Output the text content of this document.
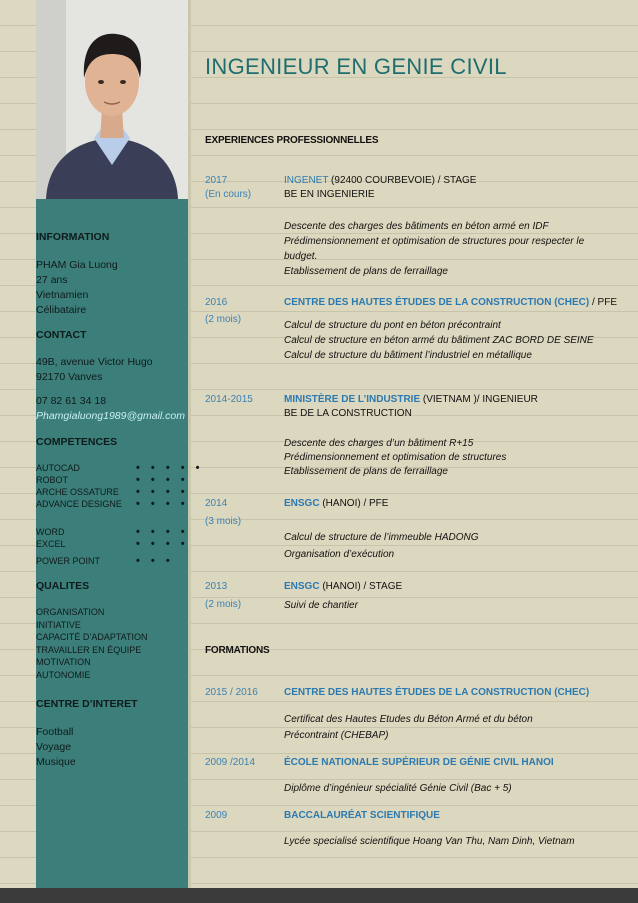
INFORMATION
PHAM Gia Luong
27 ans
Vietnamien
Célibataire
CONTACT
49B, avenue Victor Hugo
92170 Vanves
07 82 61 34 18
Phamgialuong1989@gmail.com
COMPETENCES
AUTOCAD	• • • • •
ROBOT	• • • •
ARCHE OSSATURE	• • • •
ADVANCE DESIGNE	• • • •
WORD	• • • •
EXCEL	• • • •
POWER POINT	• • •
QUALITES
ORGANISATION
INITIATIVE
CAPACITÉ D’ADAPTATION
TRAVAILLER EN ÉQUIPE
MOTIVATION
AUTONOMIE
CENTRE D’INTERET
Football
Voyage
Musique
INGENIEUR EN GENIE CIVIL
EXPERIENCES PROFESSIONNELLES
2017
(En cours)
INGENET (92400 COURBEVOIE) / STAGE
BE EN INGENIERIE
Descente des charges des bâtiments en béton armé en IDF
Prédimensionnement et optimisation de structures pour respecter le
budget.
Etablissement de plans de ferraillage
2016
(2 mois)
CENTRE DES HAUTES ÉTUDES DE LA CONSTRUCTION (CHEC) / PFE
Calcul de structure du pont en béton précontraint
Calcul de structure en béton armé du bâtiment ZAC BORD DE SEINE
Calcul de structure du bâtiment l’industriel en métallique
2014-2015	MINISTÈRE DE L’INDUSTRIE (VIETNAM )/ INGENIEUR
BE DE LA CONSTRUCTION
Descente des charges d’un bâtiment R+15
Prédimensionnement et optimisation de structures
Etablissement de plans de ferraillage
2014
(3 mois)
ENSGC (HANOI) / PFE
Calcul de structure de l’immeuble HADONG
Organisation d’exécution
2013
(2 mois)
ENSGC (HANOI) / STAGE
Suivi de chantier
FORMATIONS
2015 / 2016	CENTRE DES HAUTES ÉTUDES DE LA CONSTRUCTION (CHEC)
Certificat des Hautes Etudes du Béton Armé et du béton
Précontraint (CHEBAP)
2009 /2014	ÉCOLE NATIONALE SUPÉRIEUR DE GÉNIE CIVIL HANOI
Diplôme d’ingénieur spécialité Génie Civil (Bac + 5)
2009	BACCALAURÉAT SCIENTIFIQUE
Lycée specialisé scientifique Hoang Van Thu, Nam Dinh, Vietnam
